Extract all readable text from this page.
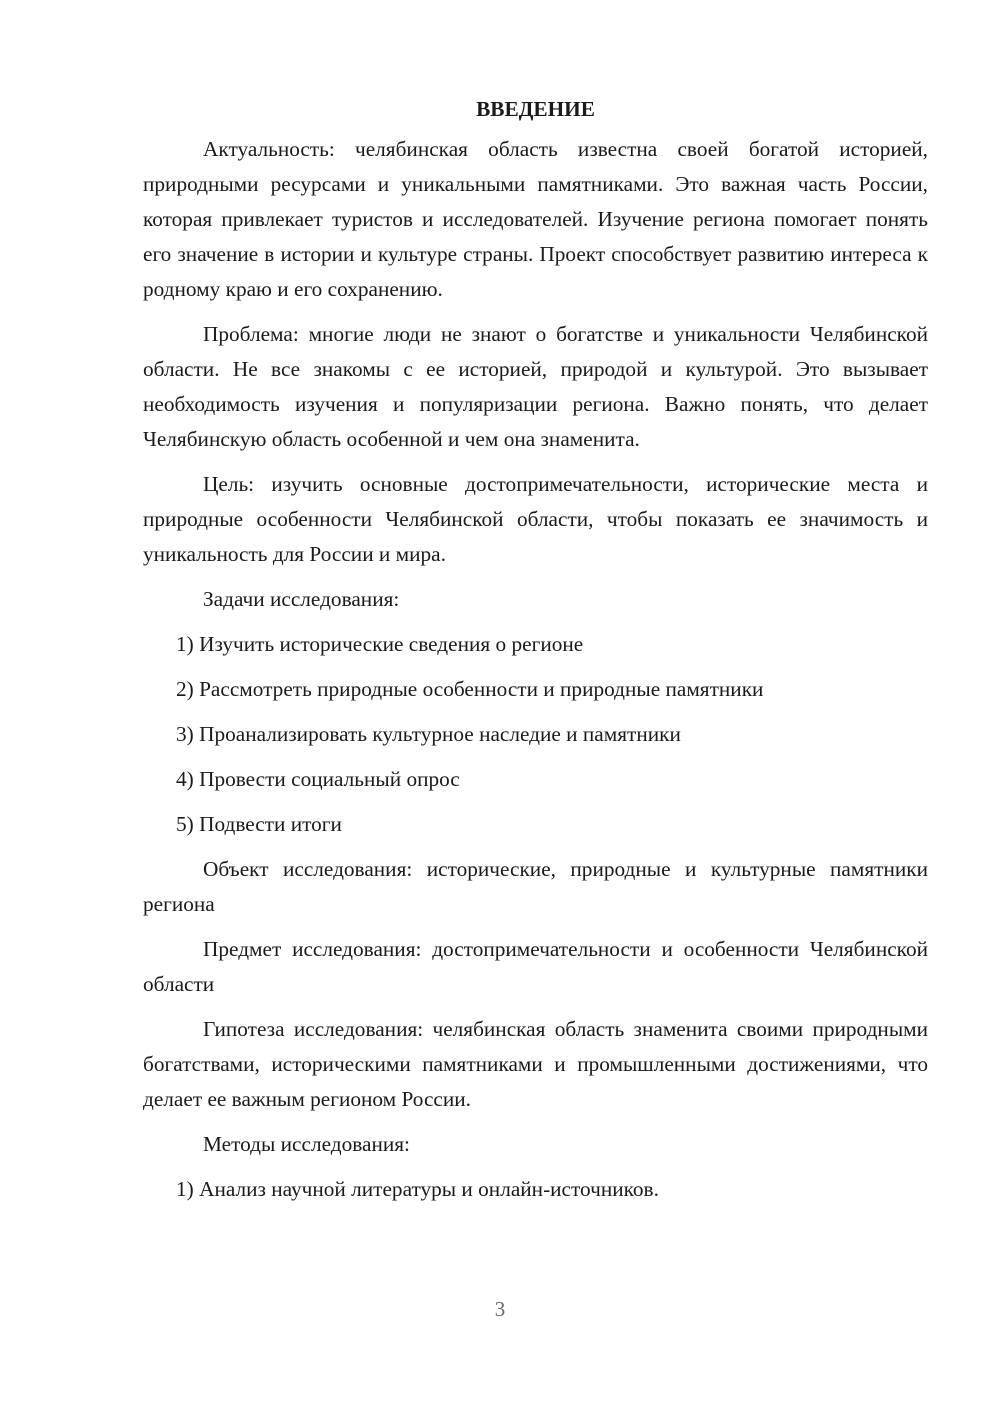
ВВЕДЕНИЕ
Актуальность: челябинская область известна своей богатой историей, природными ресурсами и уникальными памятниками. Это важная часть России, которая привлекает туристов и исследователей. Изучение региона помогает понять его значение в истории и культуре страны. Проект способствует развитию интереса к родному краю и его сохранению.
Проблема: многие люди не знают о богатстве и уникальности Челябинской области. Не все знакомы с ее историей, природой и культурой. Это вызывает необходимость изучения и популяризации региона. Важно понять, что делает Челябинскую область особенной и чем она знаменита.
Цель: изучить основные достопримечательности, исторические места и природные особенности Челябинской области, чтобы показать ее значимость и уникальность для России и мира.
Задачи исследования:
1) Изучить исторические сведения о регионе
2) Рассмотреть природные особенности и природные памятники
3) Проанализировать культурное наследие и памятники
4) Провести социальный опрос
5) Подвести итоги
Объект исследования: исторические, природные и культурные памятники региона
Предмет исследования: достопримечательности и особенности Челябинской области
Гипотеза исследования: челябинская область знаменита своими природными богатствами, историческими памятниками и промышленными достижениями, что делает ее важным регионом России.
Методы исследования:
1) Анализ научной литературы и онлайн-источников.
3
